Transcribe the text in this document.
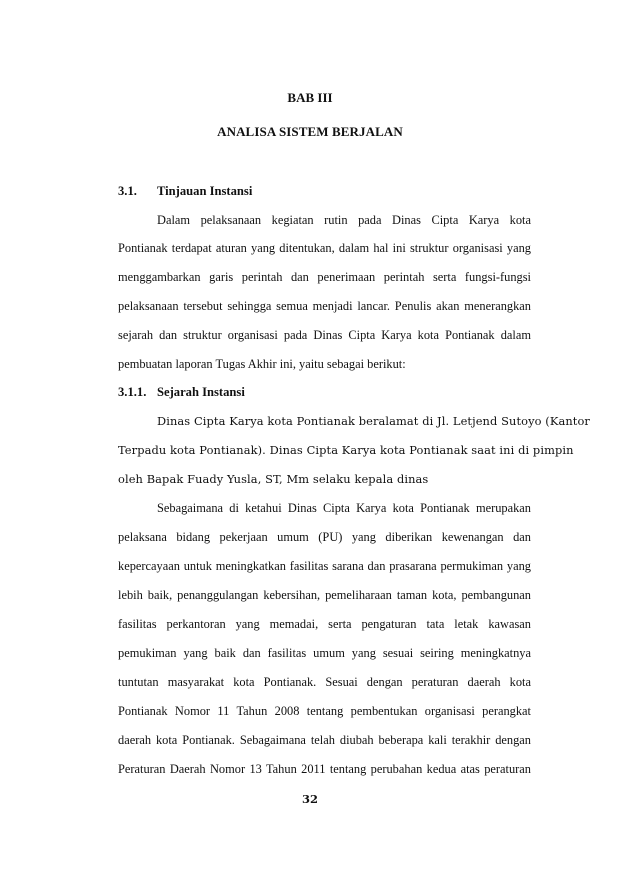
BAB III
ANALISA SISTEM BERJALAN
3.1. Tinjauan Instansi

Dalam pelaksanaan kegiatan rutin pada Dinas Cipta Karya kota

Pontianak terdapat aturan yang ditentukan, dalam hal ini struktur organisasi yang

menggambarkan garis perintah dan penerimaan perintah serta fungsi-fungsi

pelaksanaan tersebut sehingga semua menjadi lancar. Penulis akan menerangkan

sejarah dan struktur organisasi pada Dinas Cipta Karya kota Pontianak dalam

pembuatan laporan Tugas Akhir ini, yaitu sebagai berikut:

3.1.1. Sejarah Instansi

Dinas Cipta Karya kota Pontianak beralamat di Jl. Letjend Sutoyo (Kantor

Terpadu kota Pontianak). Dinas Cipta Karya kota Pontianak saat ini di pimpin

oleh Bapak Fuady Yusla, ST, Mm selaku kepala dinas

Sebagaimana di ketahui Dinas Cipta Karya kota Pontianak merupakan

pelaksana bidang pekerjaan umum (PU) yang diberikan kewenangan dan

kepercayaan untuk meningkatkan fasilitas sarana dan prasarana permukiman yang

lebih baik, penanggulangan kebersihan, pemeliharaan taman kota, pembangunan

fasilitas perkantoran yang memadai, serta pengaturan tata letak kawasan

pemukiman yang baik dan fasilitas umum yang sesuai seiring meningkatnya

tuntutan masyarakat kota Pontianak. Sesuai dengan peraturan daerah kota

Pontianak Nomor 11 Tahun 2008 tentang pembentukan organisasi perangkat

daerah kota Pontianak. Sebagaimana telah diubah beberapa kali terakhir dengan

Peraturan Daerah Nomor 13 Tahun 2011 tentang perubahan kedua atas peraturan

32
